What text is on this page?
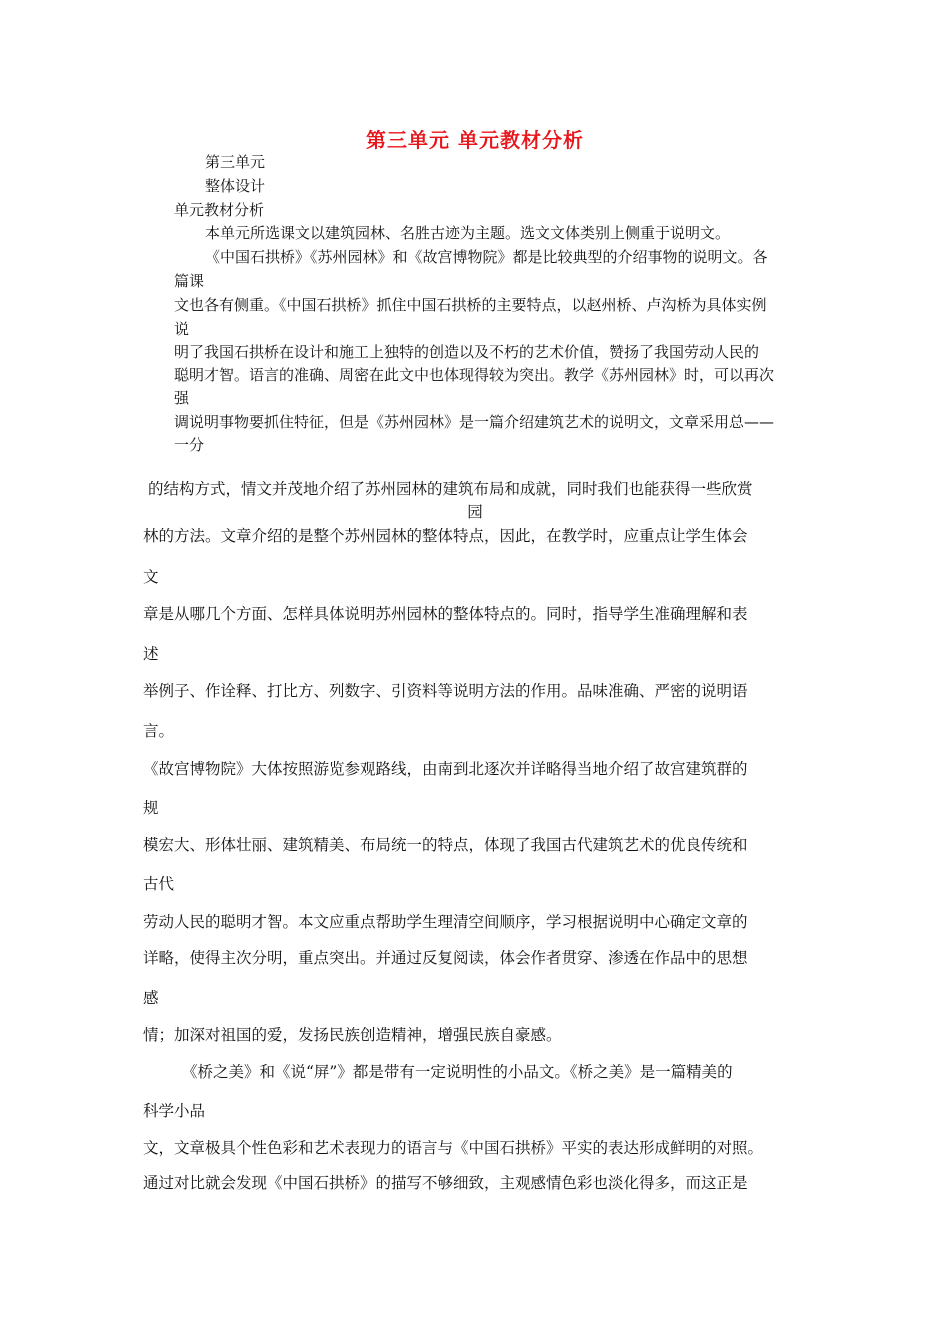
第三单元 单元教材分析
第三单元
整体设计
单元教材分析
本单元所选课文以建筑园林、名胜古迹为主题。选文文体类别上侧重于说明文。
《中国石拱桥》《苏州园林》和《故宫博物院》都是比较典型的介绍事物的说明文。各
篇课
文也各有侧重。《中国石拱桥》抓住中国石拱桥的主要特点，以赵州桥、卢沟桥为具体实例
说
明了我国石拱桥在设计和施工上独特的创造以及不朽的艺术价值，赞扬了我国劳动人民的
聪明才智。语言的准确、周密在此文中也体现得较为突出。教学《苏州园林》时，可以再次
强
调说明事物要抓住特征，但是《苏州园林》是一篇介绍建筑艺术的说明文，文章采用总——
一分
的结构方式，情文并茂地介绍了苏州园林的建筑布局和成就，同时我们也能获得一些欣赏
园
林的方法。文章介绍的是整个苏州园林的整体特点，因此，在教学时，应重点让学生体会
文
章是从哪几个方面、怎样具体说明苏州园林的整体特点的。同时，指导学生准确理解和表
述
举例子、作诠释、打比方、列数字、引资料等说明方法的作用。品味准确、严密的说明语
言。
《故宫博物院》大体按照游览参观路线，由南到北逐次并详略得当地介绍了故宫建筑群的
规
模宏大、形体壮丽、建筑精美、布局统一的特点，体现了我国古代建筑艺术的优良传统和
古代
劳动人民的聪明才智。本文应重点帮助学生理清空间顺序，学习根据说明中心确定文章的
详略，使得主次分明，重点突出。并通过反复阅读，体会作者贯穿、渗透在作品中的思想
感
情；加深对祖国的爱，发扬民族创造精神，增强民族自豪感。
《桥之美》和《说“屏”》都是带有一定说明性的小品文。《桥之美》是一篇精美的
科学小品
文，文章极具个性色彩和艺术表现力的语言与《中国石拱桥》平实的表达形成鲜明的对照。
通过对比就会发现《中国石拱桥》的描写不够细致，主观感情色彩也淡化得多，而这正是
